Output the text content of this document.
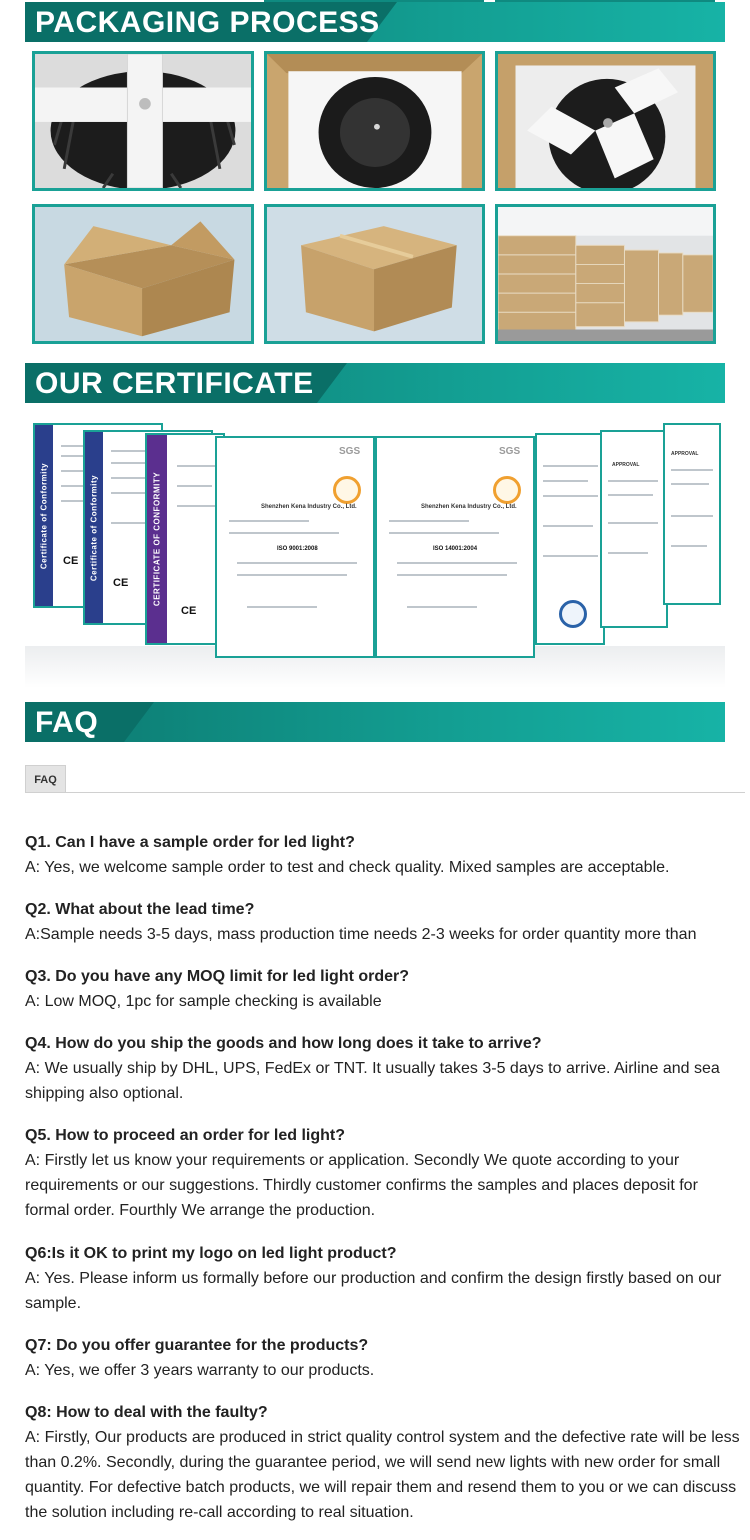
PACKAGING PROCESS
OUR CERTIFICATE
Certificate of Conformity CE Certificate of Conformity
CE	CERTIFICATE OF CONFORMITY
CE
SGS
Shenzhen Kena Industry Co., Ltd.
ISO 9001:2008
SGS
Shenzhen Kena Industry Co., Ltd.
ISO 14001:2004
APPROVAL
APPROVAL
FAQ
FAQ
Q1. Can I have a sample order for led light?
A: Yes, we welcome sample order to test and check quality. Mixed samples are acceptable.
Q2. What about the lead time?
A:Sample needs 3-5 days, mass production time needs 2-3 weeks for order quantity more than
Q3. Do you have any MOQ limit for led light order?
A: Low MOQ, 1pc for sample checking is available
Q4. How do you ship the goods and how long does it take to arrive?
A: We usually ship by DHL, UPS, FedEx or TNT. It usually takes 3-5 days to arrive. Airline and sea shipping also optional.
Q5. How to proceed an order for led light?
A: Firstly let us know your requirements or application. Secondly We quote according to your requirements or our suggestions. Thirdly customer confirms the samples and places deposit for formal order. Fourthly We arrange the production.
Q6:Is it OK to print my logo on led light product?
A: Yes. Please inform us formally before our production and confirm the design firstly based on our sample.
Q7: Do you offer guarantee for the products?
A: Yes, we offer 3 years warranty to our products.
Q8: How to deal with the faulty?
A: Firstly, Our products are produced in strict quality control system and the defective rate will be less than 0.2%. Secondly, during the guarantee period, we will send new lights with new order for small quantity. For defective batch products, we will repair them and resend them to you or we can discuss the solution including re-call according to real situation.
